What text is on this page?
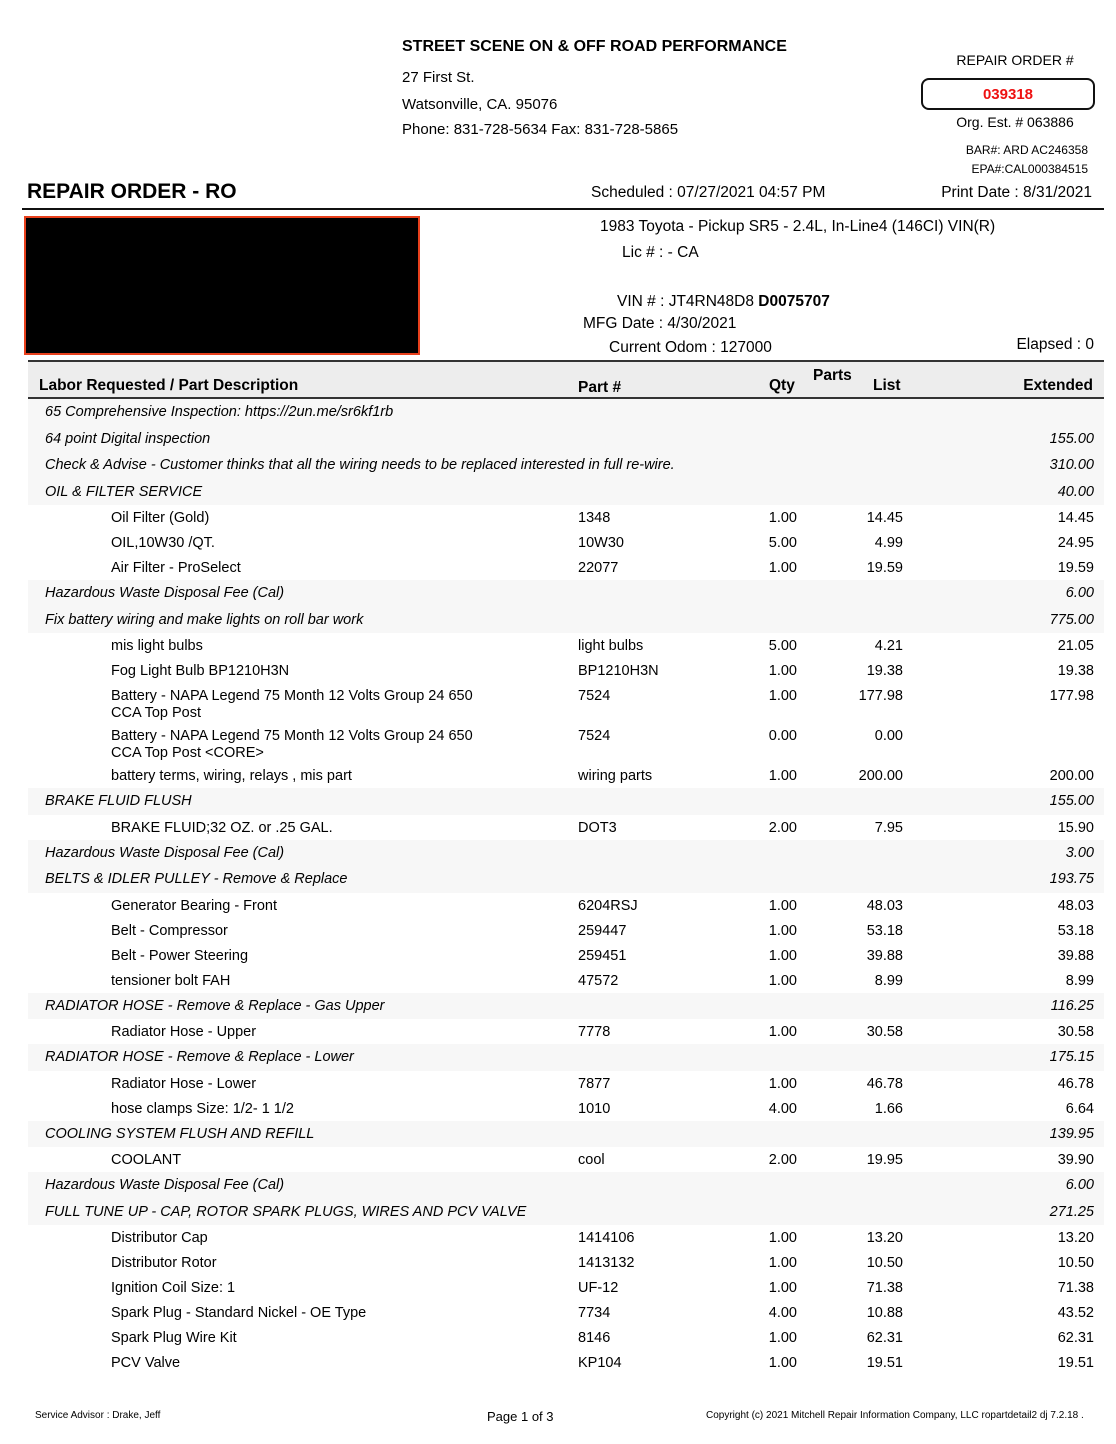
STREET SCENE ON & OFF ROAD PERFORMANCE
27 First St.
Watsonville, CA. 95076
Phone: 831-728-5634 Fax: 831-728-5865
REPAIR ORDER #
039318
Org. Est. # 063886
BAR#: ARD AC246358
EPA#:CAL000384515
REPAIR ORDER - RO	Scheduled : 07/27/2021 04:57 PM	Print Date : 8/31/2021
1983 Toyota - Pickup SR5 - 2.4L, In-Line4 (146CI) VIN(R)
Lic # : - CA
VIN # : JT4RN48D8 D0075707
MFG Date : 4/30/2021
Current Odom : 127000	Elapsed : 0
Labor Requested / Part Description	Part #	Qty
Parts
List	Extended
65 Comprehensive Inspection: https://2un.me/sr6kf1rb
64 point Digital inspection	155.00
Check & Advise - Customer thinks that all the wiring needs to be replaced interested in full re-wire.	310.00
OIL & FILTER SERVICE	40.00
Oil Filter (Gold)	1348	1.00	14.45	14.45
OIL,10W30 /QT.	10W30	5.00	4.99	24.95
Air Filter - ProSelect	22077	1.00	19.59	19.59
Hazardous Waste Disposal Fee (Cal)	6.00
Fix battery wiring and make lights on roll bar work	775.00
mis light bulbs	light bulbs	5.00	4.21	21.05
Fog Light Bulb BP1210H3N	BP1210H3N	1.00	19.38	19.38
Battery - NAPA Legend 75 Month 12 Volts Group 24 650
CCA Top Post
7524	1.00	177.98	177.98
Battery - NAPA Legend 75 Month 12 Volts Group 24 650
CCA Top Post <CORE>
7524	0.00	0.00
battery terms, wiring, relays , mis part	wiring parts	1.00	200.00	200.00
BRAKE FLUID FLUSH	155.00
BRAKE FLUID;32 OZ. or .25 GAL.	DOT3	2.00	7.95	15.90
Hazardous Waste Disposal Fee (Cal)	3.00
BELTS & IDLER PULLEY - Remove & Replace	193.75
Generator Bearing - Front	6204RSJ	1.00	48.03	48.03
Belt - Compressor	259447	1.00	53.18	53.18
Belt - Power Steering	259451	1.00	39.88	39.88
tensioner bolt FAH	47572	1.00	8.99	8.99
RADIATOR HOSE - Remove & Replace - Gas Upper	116.25
Radiator Hose - Upper	7778	1.00	30.58	30.58
RADIATOR HOSE - Remove & Replace - Lower	175.15
Radiator Hose - Lower	7877	1.00	46.78	46.78
hose clamps Size: 1/2- 1 1/2	1010	4.00	1.66	6.64
COOLING SYSTEM FLUSH AND REFILL	139.95
COOLANT	cool	2.00	19.95	39.90
Hazardous Waste Disposal Fee (Cal)	6.00
FULL TUNE UP - CAP, ROTOR SPARK PLUGS, WIRES AND PCV VALVE	271.25
Distributor Cap	1414106	1.00	13.20	13.20
Distributor Rotor	1413132	1.00	10.50	10.50
Ignition Coil Size: 1	UF-12	1.00	71.38	71.38
Spark Plug - Standard Nickel - OE Type	7734	4.00	10.88	43.52
Spark Plug Wire Kit	8146	1.00	62.31	62.31
PCV Valve	KP104	1.00	19.51	19.51
Service Advisor : Drake, Jeff	Page 1 of 3	Copyright (c) 2021 Mitchell Repair Information Company, LLC ropartdetail2 dj 7.2.18 .
